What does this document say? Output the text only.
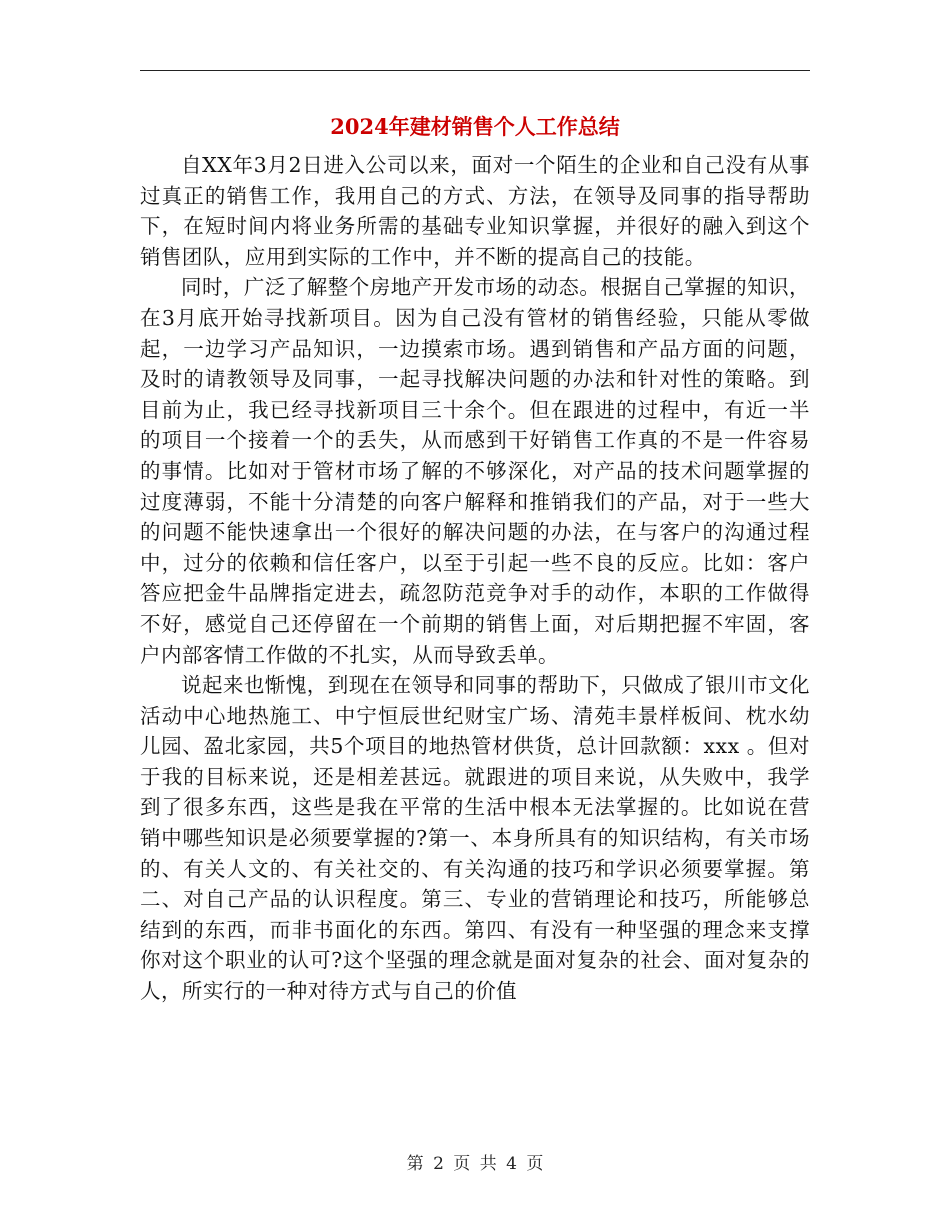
2024年建材销售个人工作总结

自XX年3月2日进入公司以来，面对一个陌生的企业和自己没有从事过真正的销售工作，我用自己的方式、方法，在领导及同事的指导帮助下，在短时间内将业务所需的基础专业知识掌握，并很好的融入到这个销售团队，应用到实际的工作中，并不断的提高自己的技能。

同时，广泛了解整个房地产开发市场的动态。根据自己掌握的知识，在3月底开始寻找新项目。因为自己没有管材的销售经验，只能从零做起，一边学习产品知识，一边摸索市场。遇到销售和产品方面的问题，及时的请教领导及同事，一起寻找解决问题的办法和针对性的策略。到目前为止，我已经寻找新项目三十余个。但在跟进的过程中，有近一半的项目一个接着一个的丢失，从而感到干好销售工作真的不是一件容易的事情。比如对于管材市场了解的不够深化，对产品的技术问题掌握的过度薄弱，不能十分清楚的向客户解释和推销我们的产品，对于一些大的问题不能快速拿出一个很好的解决问题的办法，在与客户的沟通过程中，过分的依赖和信任客户，以至于引起一些不良的反应。比如：客户答应把金牛品牌指定进去，疏忽防范竞争对手的动作，本职的工作做得不好，感觉自己还停留在一个前期的销售上面，对后期把握不牢固，客户内部客情工作做的不扎实，从而导致丢单。

说起来也惭愧，到现在在领导和同事的帮助下，只做成了银川市文化活动中心地热施工、中宁恒辰世纪财宝广场、清苑丰景样板间、枕水幼儿园、盈北家园，共5个项目的地热管材供货，总计回款额：xxx 。但对于我的目标来说，还是相差甚远。就跟进的项目来说，从失败中，我学到了很多东西，这些是我在平常的生活中根本无法掌握的。比如说在营销中哪些知识是必须要掌握的?第一、本身所具有的知识结构，有关市场的、有关人文的、有关社交的、有关沟通的技巧和学识必须要掌握。第二、对自己产品的认识程度。第三、专业的营销理论和技巧，所能够总结到的东西，而非书面化的东西。第四、有没有一种坚强的理念来支撑你对这个职业的认可?这个坚强的理念就是面对复杂的社会、面对复杂的人，所实行的一种对待方式与自己的价值

第 2 页 共 4 页
